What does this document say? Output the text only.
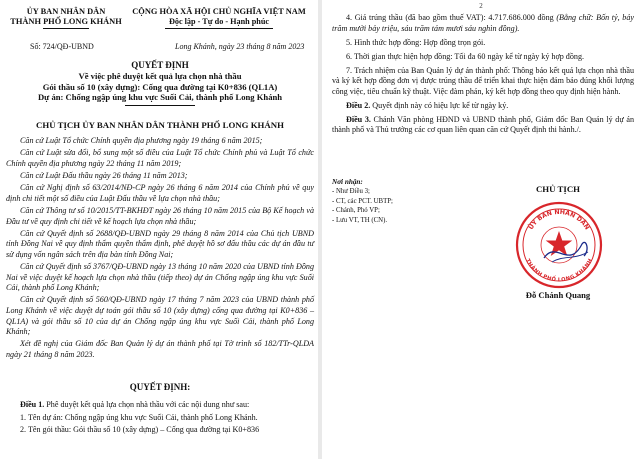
ỦY BAN NHÂN DÂN
THÀNH PHỐ LONG KHÁNH
CỘNG HÒA XÃ HỘI CHỦ NGHĨA VIỆT NAM
Độc lập - Tự do - Hạnh phúc
Số: 724/QĐ-UBND	Long Khánh, ngày 23 tháng 8 năm 2023
QUYẾT ĐỊNH
Về việc phê duyệt kết quả lựa chọn nhà thầu
Gói thầu số 10 (xây dựng): Cống qua đường tại K0+836 (QL1A)
Dự án: Chống ngập úng khu vực Suối Cải, thành phố Long Khánh
CHỦ TỊCH ỦY BAN NHÂN DÂN THÀNH PHỐ LONG KHÁNH

Căn cứ Luật Tổ chức Chính quyền địa phương ngày 19 tháng 6 năm 2015;

Căn cứ Luật sửa đổi, bổ sung một số điều của Luật Tổ chức Chính phủ và Luật Tổ chức Chính quyền địa phương ngày 22 tháng 11 năm 2019;

Căn cứ Luật Đấu thầu ngày 26 tháng 11 năm 2013;

Căn cứ Nghị định số 63/2014/NĐ-CP ngày 26 tháng 6 năm 2014 của Chính phủ về quy định chi tiết một số điều của Luật Đấu thầu về lựa chọn nhà thầu;

Căn cứ Thông tư số 10/2015/TT-BKHĐT ngày 26 tháng 10 năm 2015 của Bộ Kế hoạch và Đầu tư về quy định chi tiết về kế hoạch lựa chọn nhà thầu;

Căn cứ Quyết định số 2688/QĐ-UBND ngày 29 tháng 8 năm 2014 của Chủ tịch UBND tỉnh Đồng Nai về quy định thẩm quyền thẩm định, phê duyệt hồ sơ đấu thầu các dự án đầu tư sử dụng vốn ngân sách trên địa bàn tỉnh Đồng Nai;

Căn cứ Quyết định số 3767/QĐ-UBND ngày 13 tháng 10 năm 2020 của UBND tỉnh Đồng Nai về việc duyệt kế hoạch lựa chọn nhà thầu (tiếp theo) dự án Chống ngập úng khu vực Suối Cải, thành phố Long Khánh;

Căn cứ Quyết định số 560/QĐ-UBND ngày 17 tháng 7 năm 2023 của UBND thành phố Long Khánh về việc duyệt dự toán gói thầu số 10 (xây dựng) cống qua đường tại K0+836 – QL1A) và gói thầu số 10 của dự án Chống ngập úng khu vực Suối Cải, thành phố Long Khánh;

Xét đề nghị của Giám đốc Ban Quản lý dự án thành phố tại Tờ trình số 182/TTr-QLDA ngày 21 tháng 8 năm 2023.

QUYẾT ĐỊNH:

Điều 1. Phê duyệt kết quả lựa chọn nhà thầu với các nội dung như sau:

1. Tên dự án: Chống ngập úng khu vực Suối Cải, thành phố Long Khánh.

2. Tên gói thầu: Gói thầu số 10 (xây dựng) – Cống qua đường tại K0+836

2

4. Giá trúng thầu (đã bao gồm thuế VAT): 4.717.686.000 đồng (Bằng chữ: Bốn tỷ, bảy trăm mười bảy triệu, sáu trăm tám mươi sáu nghìn đồng).

5. Hình thức hợp đồng: Hợp đồng trọn gói.

6. Thời gian thực hiện hợp đồng: Tối đa 60 ngày kể từ ngày ký hợp đồng.

7. Trách nhiệm của Ban Quản lý dự án thành phố: Thông báo kết quả lựa chọn nhà thầu và ký kết hợp đồng đơn vị được trúng thầu để triển khai thực hiện đảm bảo đúng khối lượng công việc, tiêu chuẩn kỹ thuật. Việc đàm phán, ký kết hợp đồng theo quy định hiện hành.

Điều 2. Quyết định này có hiệu lực kể từ ngày ký.

Điều 3. Chánh Văn phòng HĐND và UBND thành phố, Giám đốc Ban Quản lý dự án thành phố và Thủ trưởng các cơ quan liên quan căn cứ Quyết định thi hành./.

Nơi nhận:
- Như Điều 3;
- CT, các PCT. UBTP;
- Chánh, Phó VP;
- Lưu VT, TH (CN).
CHỦ TỊCH
ỦY BAN NHÂN DÂN
THÀNH PHỐ LONG KHÁNH
Đỗ Chánh Quang
